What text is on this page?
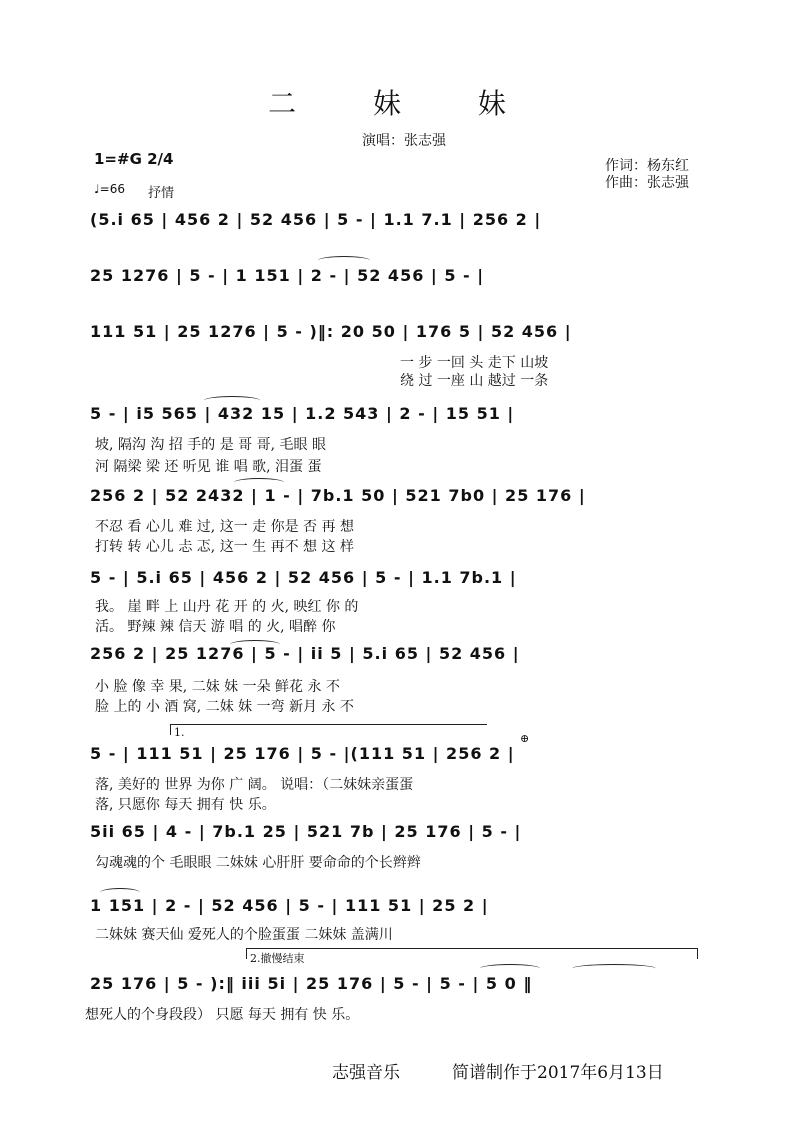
二 妹 妹
演唱：张志强
1=#G 2/4
♩=66 抒情
作词：杨东红
作曲：张志强
(5.i 65 | 456 2 | 52 456 | 5 - | 1.1 7.1 | 256 2 |
25 1276 | 5 - | 1 151 | 2 - | 52 456 | 5 - |
111 51 | 25 1276 | 5 - )‖: 20 50 | 176 5 | 52 456 |
一 步 一回 头 走下 山坡
绕 过 一座 山 越过 一条
5 - | i5 565 | 432 15 | 1.2 543 | 2 - | 15 51 |
坡, 隔沟 沟 招 手的 是 哥 哥, 毛眼 眼
河 隔梁 梁 还 听见 谁 唱 歌, 泪蛋 蛋
256 2 | 52 2432 | 1 - | 7b.1 50 | 521 7b0 | 25 176 |
不忍 看 心儿 难 过, 这一 走 你是 否 再 想
打转 转 心儿 忐 忑, 这一 生 再不 想 这 样
5 - | 5.i 65 | 456 2 | 52 456 | 5 - | 1.1 7b.1 |
我。 崖 畔 上 山丹 花 开 的 火, 映红 你 的
活。 野辣 辣 信天 游 唱 的 火, 唱醉 你
256 2 | 25 1276 | 5 - | ii 5 | 5.i 65 | 52 456 |
小 脸 像 幸 果, 二妹 妹 一朵 鲜花 永 不
脸 上的 小 酒 窝, 二妹 妹 一弯 新月 永 不
1.	⊕
5 - | 111 51 | 25 176 | 5 - |(111 51 | 256 2 |
落, 美好的 世界 为你 广 阔。 说唱：（二妹妹亲蛋蛋
落, 只愿你 每天 拥有 快 乐。
5ii 65 | 4 - | 7b.1 25 | 521 7b | 25 176 | 5 - |
勾魂魂的个 毛眼眼 二妹妹 心肝肝 要命命的个长辫辫
1 151 | 2 - | 52 456 | 5 - | 111 51 | 25 2 |
二妹妹 赛天仙 爱死人的个脸蛋蛋 二妹妹 盖满川
2.撤慢结束
25 176 | 5 - ):‖ iii 5i | 25 176 | 5 - | 5 - | 5 0 ‖
想死人的个身段段） 只愿 每天 拥有 快 乐。
志强音乐	简谱制作于2017年6月13日
